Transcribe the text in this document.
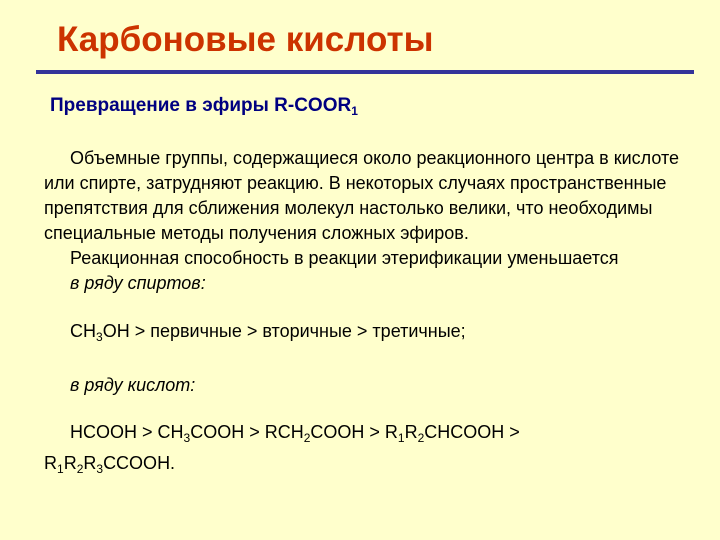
Карбоновые кислоты
Превращение в эфиры $R-COOR_1$

Объемные группы, содержащиеся около реакционного центра в кислоте или спирте, затрудняют реакцию. В некоторых случаях пространственные препятствия для сближения молекул настолько велики, что необходимы специальные методы получения сложных эфиров.

Реакционная способность в реакции этерификации уменьшается

в ряду спиртов:

$CH_3OH$ > первичные > вторичные > третичные;

в ряду кислот:

HCOOH > $CH_3COOH$ > $RCH_2COOH$ > $R_1R_2CHCOOH$ >

$R_1R_2R_3CCOOH$.
